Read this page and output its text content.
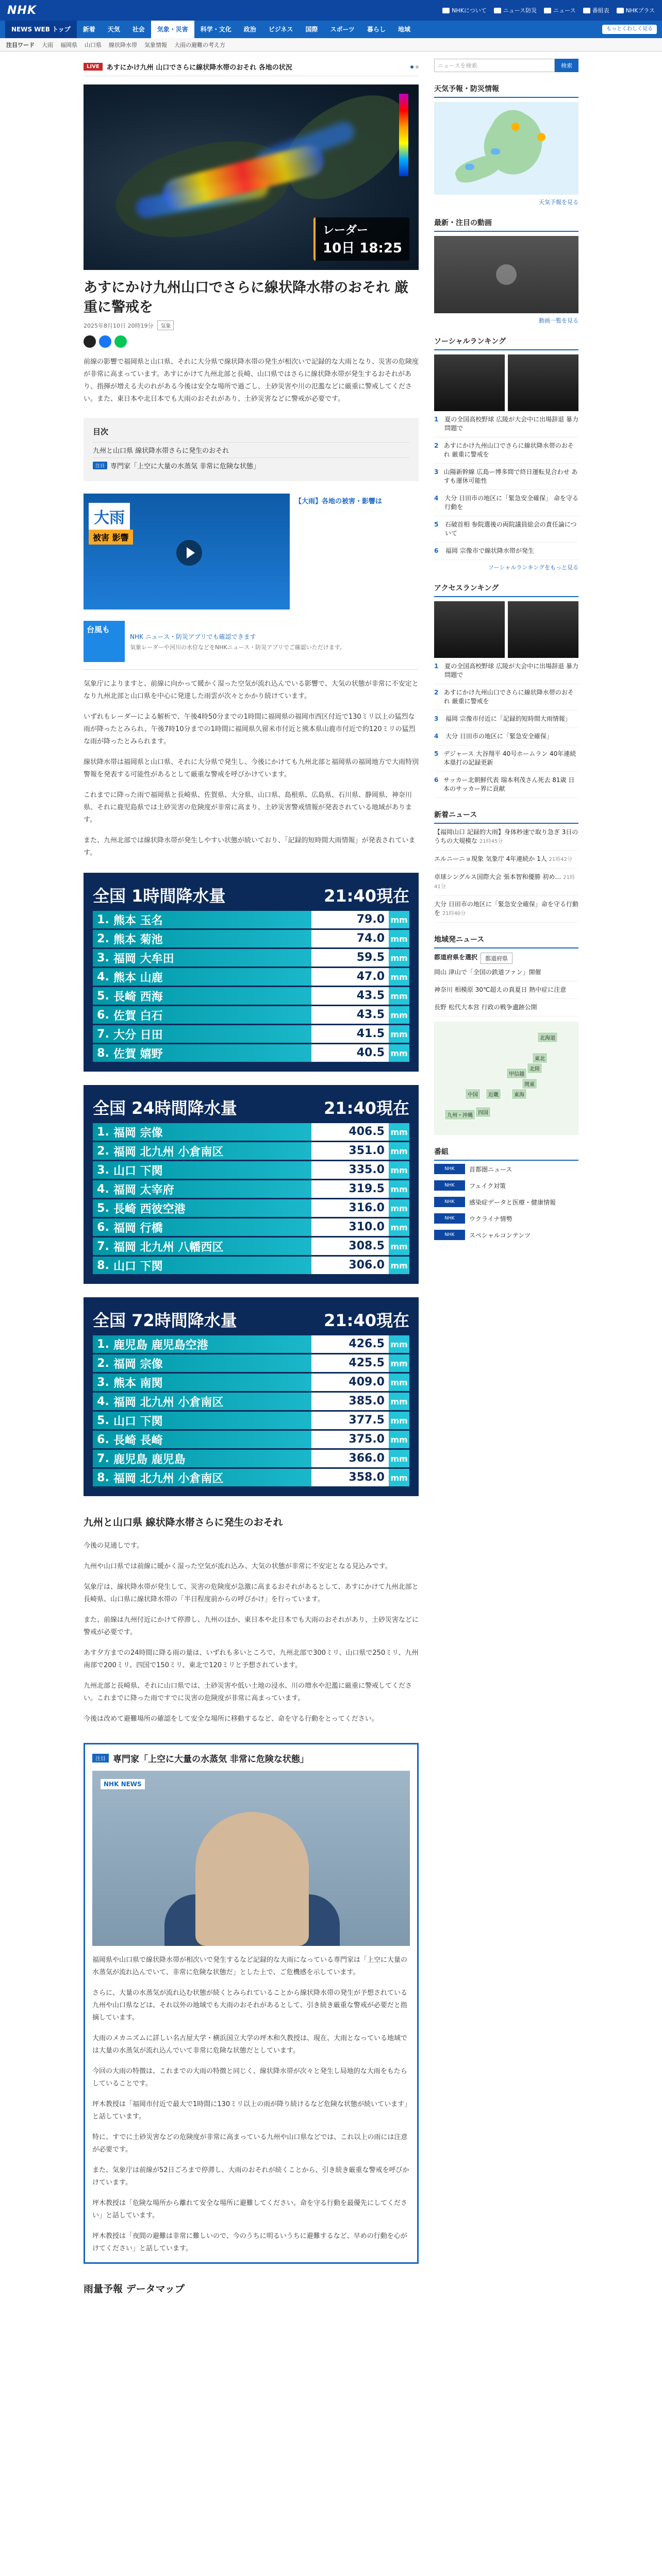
NHK	NHKについて	ニュース防災	ニュース	番組表	NHKプラス
NEWS WEB トップ	新着	天気	社会	気象・災害	科学・文化	政治	ビジネス	国際	スポーツ	暮らし	地域	もっとくわしく見る
注目ワード 大雨 福岡県 山口県 線状降水帯 気象情報 大雨の避難の考え方
LIVE	あすにかけ九州 山口でさらに線状降水帯のおそれ 各地の状況
レーダー
10日 18:25
あすにかけ九州山口でさらに線状降水帯のおそれ 厳重に警戒を
2025年8月10日 20時19分	気象

前線の影響で福岡県と山口県、それに大分県で線状降水帯の発生が相次いで記録的な大雨となり、災害の危険度が非常に高まっています。あすにかけて九州北部と長崎、山口県ではさらに線状降水帯が発生するおそれがあり、指揮が増える夫のれがある今後は安全な場所で過ごし、土砂災害や川の氾濫などに厳重に警戒してください。また、東日本や北日本でも大雨のおそれがあり、土砂災害などに警戒が必要です。

目次
九州と山口県 線状降水帯さらに発生のおそれ
注目 専門家「上空に大量の水蒸気 非常に危険な状態」
大雨
被害 影響
【大雨】各地の被害・影響は
台風も
NHK ニュース・防災アプリでも確認できます
気象レーダーや河川の水位などをNHKニュース・防災アプリでご確認いただけます。

気象庁によりますと、前線に向かって暖かく湿った空気が流れ込んでいる影響で、大気の状態が非常に不安定となり九州北部と山口県を中心に発達した雨雲が次々とかかり続けています。

いずれもレーダーによる解析で、午後4時50分までの1時間に福岡県の福岡市西区付近で130ミリ以上の猛烈な雨が降ったとみられ、午後7時10分までの1時間に福岡県久留米市付近と熊本県山鹿市付近で約120ミリの猛烈な雨が降ったとみられます。

線状降水帯は福岡県と山口県、それに大分県で発生し、今後にかけても九州北部と福岡県の福岡地方で大雨特別警報を発表する可能性があるとして厳重な警戒を呼びかけています。

これまでに降った雨で福岡県と長崎県、佐賀県、大分県、山口県、島根県、広島県、石川県、静岡県、神奈川県、それに鹿児島県では土砂災害の危険度が非常に高まり、土砂災害警戒情報が発表されている地域があります。

また、九州北部では線状降水帯が発生しやすい状態が続いており、「記録的短時間大雨情報」が発表されています。

全国 1時間降水量	21:40現在
1. 熊本 玉名	79.0 mm
2. 熊本 菊池	74.0 mm
3. 福岡 大牟田	59.5 mm
4. 熊本 山鹿	47.0 mm
5. 長崎 西海	43.5 mm
6. 佐賀 白石	43.5 mm
7. 大分 日田	41.5 mm
8. 佐賀 嬉野	40.5 mm
全国 24時間降水量	21:40現在
1. 福岡 宗像	406.5 mm
2. 福岡 北九州 小倉南区	351.0 mm
3. 山口 下関	335.0 mm
4. 福岡 太宰府	319.5 mm
5. 長崎 西彼空港	316.0 mm
6. 福岡 行橋	310.0 mm
7. 福岡 北九州 八幡西区	308.5 mm
8. 山口 下関	306.0 mm
全国 72時間降水量	21:40現在
1. 鹿児島 鹿児島空港	426.5 mm
2. 福岡 宗像	425.5 mm
3. 熊本 南関	409.0 mm
4. 福岡 北九州 小倉南区	385.0 mm
5. 山口 下関	377.5 mm
6. 長崎 長崎	375.0 mm
7. 鹿児島 鹿児島	366.0 mm
8. 福岡 北九州 小倉南区	358.0 mm
九州と山口県 線状降水帯さらに発生のおそれ

今後の見通しです。

九州や山口県では前線に暖かく湿った空気が流れ込み、大気の状態が非常に不安定となる見込みです。

気象庁は、線状降水帯が発生して、災害の危険度が急激に高まるおそれがあるとして、あすにかけて九州北部と長崎県、山口県に線状降水帯の「半日程度前からの呼びかけ」を行っています。

また、前線は九州付近にかけて停滞し、九州のほか、東日本や北日本でも大雨のおそれがあり、土砂災害などに警戒が必要です。

あす夕方までの24時間に降る雨の量は、いずれも多いところで、九州北部で300ミリ、山口県で250ミリ、九州南部で200ミリ、四国で150ミリ、東北で120ミリと予想されています。

九州北部と長崎県、それに山口県では、土砂災害や低い土地の浸水、川の増水や氾濫に厳重に警戒してください。これまでに降った雨ですでに災害の危険度が非常に高まっています。

今後は改めて避難場所の確認をして安全な場所に移動するなど、命を守る行動をとってください。

注目 専門家「上空に大量の水蒸気 非常に危険な状態」
NHK NEWS

福岡県や山口県で線状降水帯が相次いで発生するなど記録的な大雨になっている専門家は「上空に大量の水蒸気が流れ込んでいて、非常に危険な状態だ」とした上で、ご危機感を示しています。

さらに、大量の水蒸気が流れ込む状態が続くとみられていることから線状降水帯の発生が予想されている九州や山口県などは、それ以外の地域でも大雨のおそれがあるとして、引き続き厳重な警戒が必要だと指摘しています。

大雨のメカニズムに詳しい名古屋大学・横浜国立大学の坪木和久教授は、現在、大雨となっている地域では大量の水蒸気が流れ込んでいて非常に危険な状態だとしています。

今回の大雨の特徴は、これまでの大雨の特徴と同じく、線状降水帯が次々と発生し局地的な大雨をもたらしていることです。

坪木教授は「福岡市付近で最大で1時間に130ミリ以上の雨が降り続けるなど危険な状態が続いています」と話しています。

特に、すでに土砂災害などの危険度が非常に高まっている九州や山口県などでは、これ以上の雨には注意が必要です。

また、気象庁は前線が52日ごろまで停滞し、大雨のおそれが続くことから、引き続き厳重な警戒を呼びかけています。

坪木教授は「危険な場所から離れて安全な場所に避難してください。命を守る行動を最優先にしてください」と話しています。

坪木教授は「夜間の避難は非常に難しいので、今のうちに明るいうちに避難するなど、早めの行動を心がけてください」と話しています。

雨量予報 データマップ
ニュースを検索	検索
天気予報・防災情報
天気予報を見る
最新・注目の動画
動画一覧を見る
ソーシャルランキング
1 夏の全国高校野球 広陵が大会中に出場辞退 暴力問題で
2 あすにかけ九州山口でさらに線状降水帯のおそれ 厳重に警戒を
3 山陽新幹線 広島ー博多間で終日運転見合わせ あすも運休可能性
4 大分 日田市の地区に「緊急安全確保」 命を守る行動を
5	石破首相 参院選後の両院議員総会の責任論について
6	福岡 宗像市で線状降水帯が発生
ソーシャルランキングをもっと見る
アクセスランキング
1 夏の全国高校野球 広陵が大会中に出場辞退 暴力問題で
2 あすにかけ九州山口でさらに線状降水帯のおそれ 厳重に警戒を
3	福岡 宗像市付近に「記録的短時間大雨情報」
4	大分 日田市の地区に「緊急安全確保」
5 デジャース 大谷翔平 40号ホームラン 40年連続本塁打の記録更新
6 サッカー北朝鮮代表 瑞本利茂さん死去 81歳 日本のサッカー界に貢献
新着ニュース
【福岡山口 記録的大雨】身体秒速で取り急ぎ 3日のうちの大規模な 21時45分
エルニーニョ現象 気象庁 4年連続か 1人 21時42分
卓球シングルス国際大会 張本智和優勝 初め… 21時41分
大分 日田市の地区に「緊急安全確保」命を守る行動を 21時40分
地域発ニュース
都道府県を選択	都道府県
岡山 津山で「全国の鉄道ファン」開催
神奈川 相模原 30℃超えの真夏日 熱中症に注意
長野 松代大本営 行政の戦争遺跡公開
北海道
東北
関東
甲信越
東海
北陸
近畿
中国
四国
九州・沖縄
番組
NHK	首都圏ニュース
NHK	フェイク対策
NHK	感染症データと医療・健康情報
NHK	ウクライナ情勢
NHK	スペシャルコンテンツ
